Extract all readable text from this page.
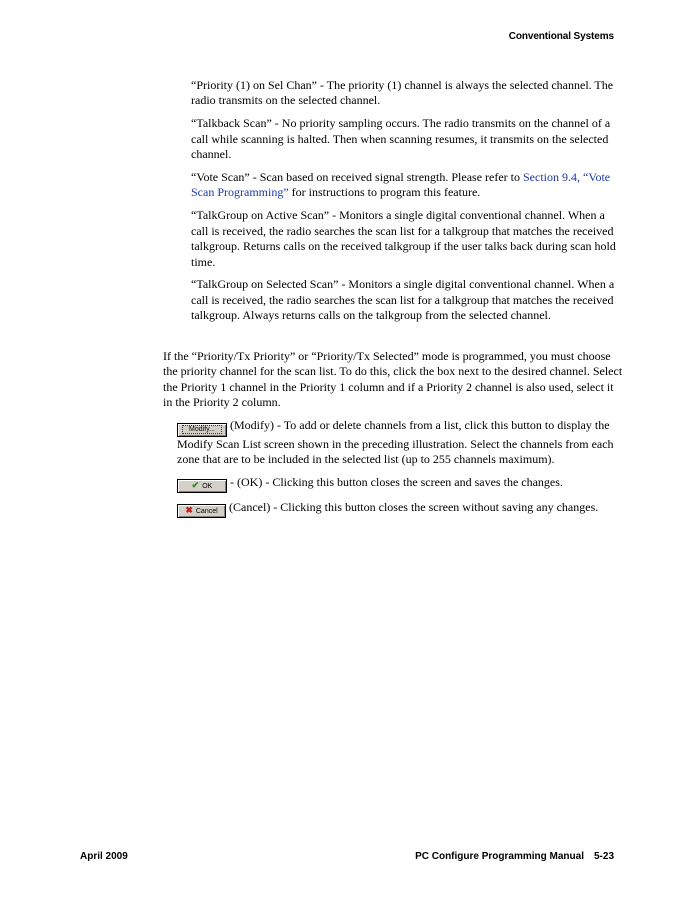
Conventional Systems

“Priority (1) on Sel Chan” - The priority (1) channel is always the selected channel. The radio transmits on the selected channel.

“Talkback Scan” - No priority sampling occurs. The radio transmits on the channel of a call while scanning is halted. Then when scanning resumes, it transmits on the selected channel.

“Vote Scan” - Scan based on received signal strength. Please refer to Section 9.4, “Vote Scan Programming” for instructions to program this feature.

“TalkGroup on Active Scan” - Monitors a single digital conventional channel. When a call is received, the radio searches the scan list for a talkgroup that matches the received talkgroup. Returns calls on the received talkgroup if the user talks back during scan hold time.

“TalkGroup on Selected Scan” - Monitors a single digital conventional channel. When a call is received, the radio searches the scan list for a talkgroup that matches the received talkgroup. Always returns calls on the talkgroup from the selected channel.

If the “Priority/Tx Priority” or “Priority/Tx Selected” mode is programmed, you must choose the priority channel for the scan list. To do this, click the box next to the desired channel. Select the Priority 1 channel in the Priority 1 column and if a Priority 2 channel is also used, select it in the Priority 2 column.

Modify... (Modify) - To add or delete channels from a list, click this button to display the Modify Scan List screen shown in the preceding illustration. Select the channels from each zone that are to be included in the selected list (up to 255 channels maximum).
✔ OK - (OK) - Clicking this button closes the screen and saves the changes.
✖ Cancel (Cancel) - Clicking this button closes the screen without saving any changes.
April 2009	PC Configure Programming Manual 5-23
